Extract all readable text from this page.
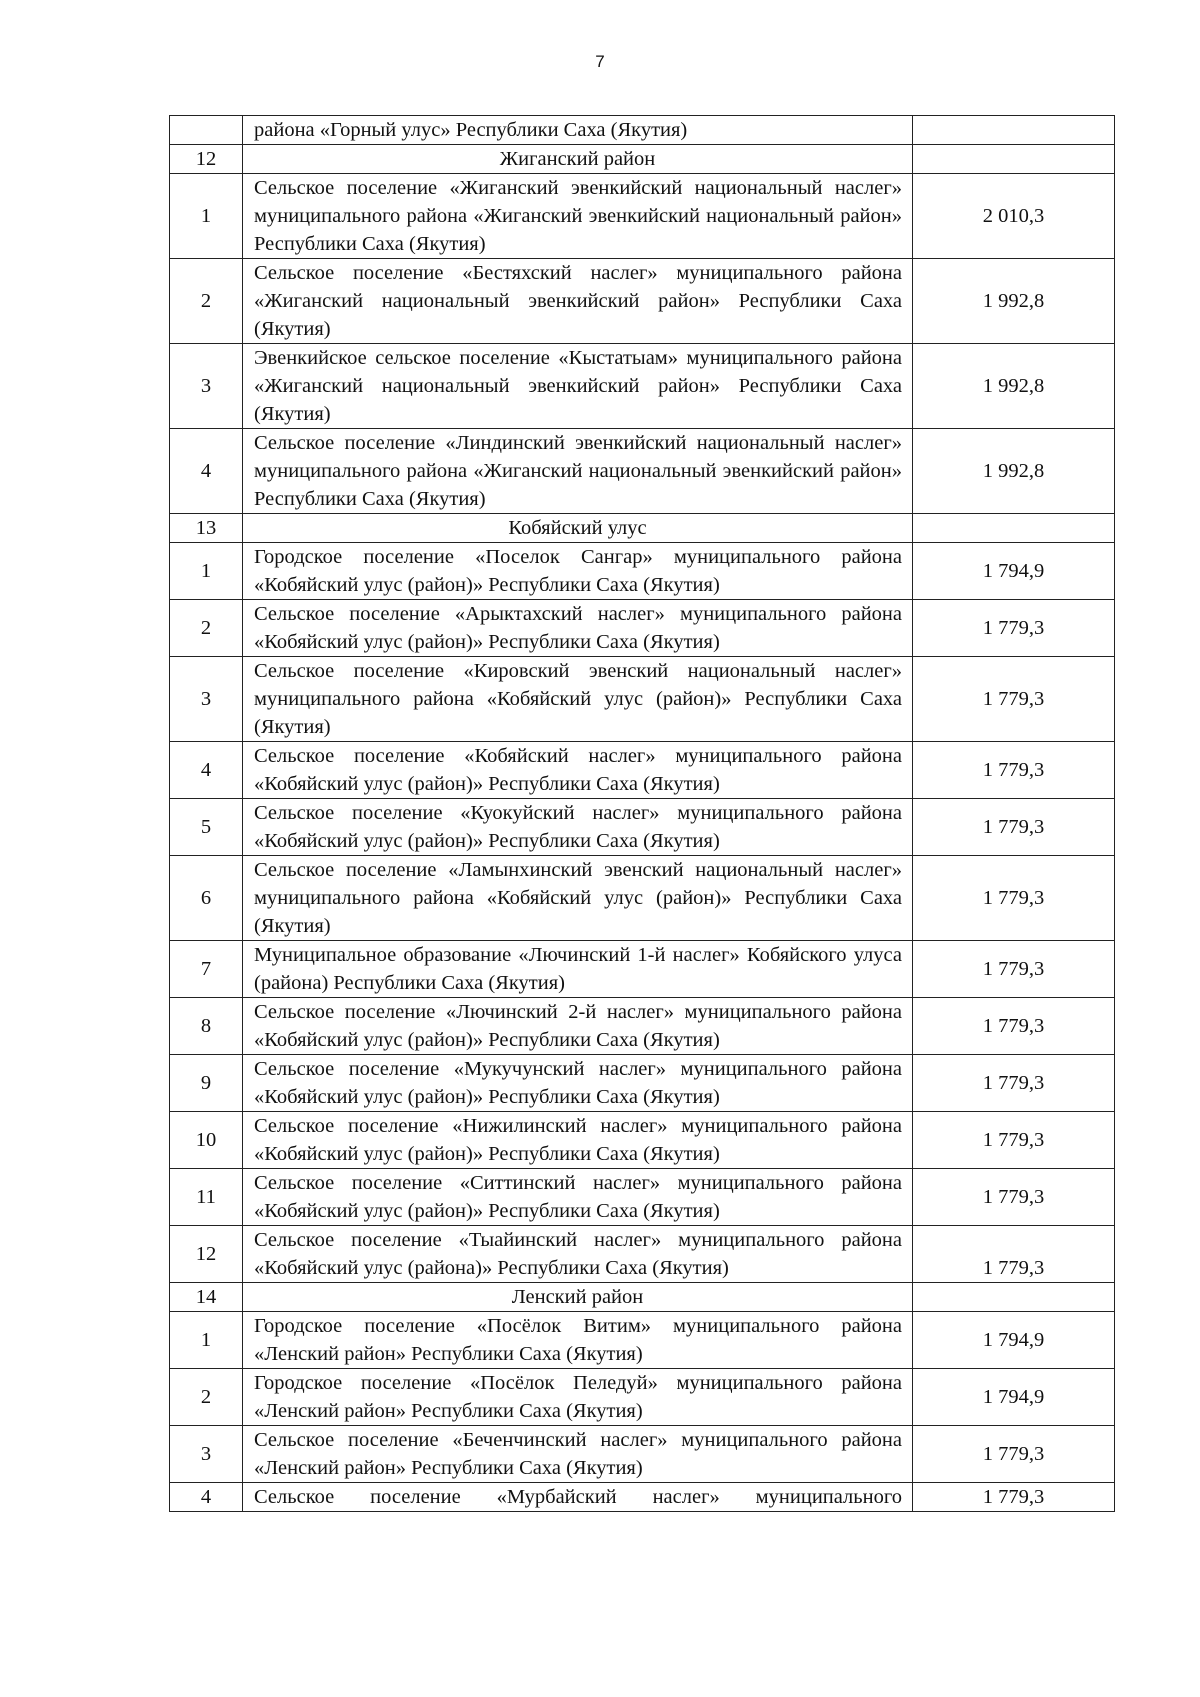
7
	района «Горный улус» Республики Саха (Якутия)	
12	Жиганский район	
1	Сельское поселение «Жиганский эвенкийский национальный наслег» муниципального района «Жиганский эвенкийский национальный район» Республики Саха (Якутия)	2 010,3
2	Сельское поселение «Бестяхский наслег» муниципального района «Жиганский национальный эвенкийский район» Республики Саха (Якутия)	1 992,8
3	Эвенкийское сельское поселение «Кыстатыам» муниципального района «Жиганский национальный эвенкийский район» Республики Саха (Якутия)	1 992,8
4	Сельское поселение «Линдинский эвенкийский национальный наслег» муниципального района «Жиганский национальный эвенкийский район» Республики Саха (Якутия)	1 992,8
13	Кобяйский улус	
1	Городское поселение «Поселок Сангар» муниципального района «Кобяйский улус (район)» Республики Саха (Якутия)	1 794,9
2	Сельское поселение «Арыктахский наслег» муниципального района «Кобяйский улус (район)» Республики Саха (Якутия)	1 779,3
3	Сельское поселение «Кировский эвенский национальный наслег» муниципального района «Кобяйский улус (район)» Республики Саха (Якутия)	1 779,3
4	Сельское поселение «Кобяйский наслег» муниципального района «Кобяйский улус (район)» Республики Саха (Якутия)	1 779,3
5	Сельское поселение «Куокуйский наслег» муниципального района «Кобяйский улус (район)» Республики Саха (Якутия)	1 779,3
6	Сельское поселение «Ламынхинский эвенский национальный наслег» муниципального района «Кобяйский улус (район)» Республики Саха (Якутия)	1 779,3
7	Муниципальное образование «Лючинский 1-й наслег» Кобяйского улуса (района) Республики Саха (Якутия)	1 779,3
8	Сельское поселение «Лючинский 2-й наслег» муниципального района «Кобяйский улус (район)» Республики Саха (Якутия)	1 779,3
9	Сельское поселение «Мукучунский наслег» муниципального района «Кобяйский улус (район)» Республики Саха (Якутия)	1 779,3
10	Сельское поселение «Нижилинский наслег» муниципального района «Кобяйский улус (район)» Республики Саха (Якутия)	1 779,3
11	Сельское поселение «Ситтинский наслег» муниципального района «Кобяйский улус (район)» Республики Саха (Якутия)	1 779,3
12	Сельское поселение «Тыайинский наслег» муниципального района «Кобяйский улус (района)» Республики Саха (Якутия)	1 779,3
14	Ленский район	
1	Городское поселение «Посёлок Витим» муниципального района «Ленский район» Республики Саха (Якутия)	1 794,9
2	Городское поселение «Посёлок Пеледуй» муниципального района «Ленский район» Республики Саха (Якутия)	1 794,9
3	Сельское поселение «Беченчинский наслег» муниципального района «Ленский район» Республики Саха (Якутия)	1 779,3
4	Сельское поселение «Мурбайский наслег» муниципального	1 779,3
